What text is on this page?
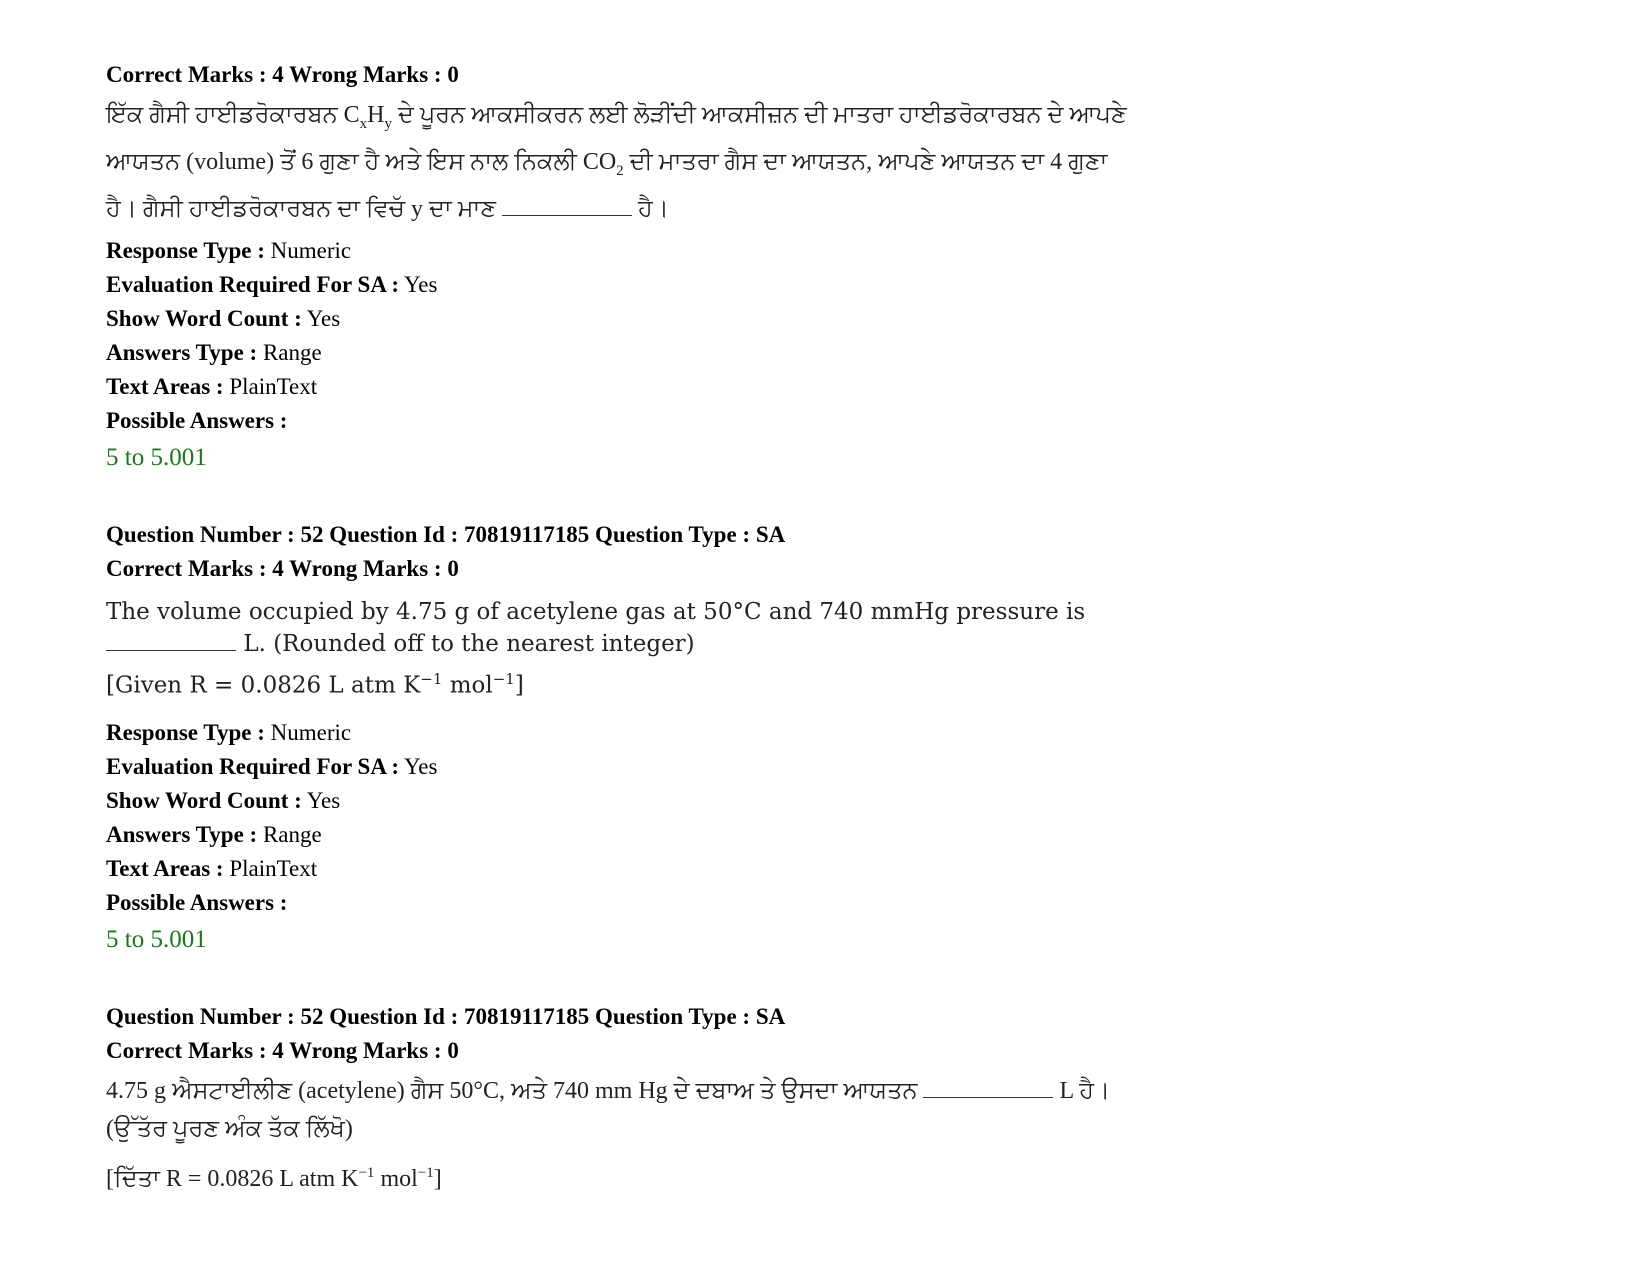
Correct Marks : 4 Wrong Marks : 0

ਇੱਕ ਗੈਸੀ ਹਾਈਡਰੋਕਾਰਬਨ $C_xH_y$ ਦੇ ਪੂਰਨ ਆਕਸੀਕਰਨ ਲਈ ਲੋੜੀਂਦੀ ਆਕਸੀਜ਼ਨ ਦੀ ਮਾਤਰਾ ਹਾਈਡਰੋਕਾਰਬਨ ਦੇ ਆਪਣੇ

ਆਯਤਨ (volume) ਤੋਂ 6 ਗੁਣਾ ਹੈ ਅਤੇ ਇਸ ਨਾਲ ਨਿਕਲੀ $CO_2$ ਦੀ ਮਾਤਰਾ ਗੈਸ ਦਾ ਆਯਤਨ, ਆਪਣੇ ਆਯਤਨ ਦਾ 4 ਗੁਣਾ

ਹੈ। ਗੈਸੀ ਹਾਈਡਰੋਕਾਰਬਨ ਦਾ ਵਿਚੱ y ਦਾ ਮਾਣ	ਹੈ।

Response Type : Numeric
Evaluation Required For SA : Yes
Show Word Count : Yes
Answers Type : Range
Text Areas : PlainText
Possible Answers :
5 to 5.001
Question Number : 52 Question Id : 70819117185 Question Type : SA
Correct Marks : 4 Wrong Marks : 0

The volume occupied by 4.75 g of acetylene gas at 50°C and 740 mmHg pressure is

L. (Rounded off to the nearest integer)

[Given R = 0.0826 L atm $K^{-1}$ mol$^{-1}$]

Response Type : Numeric
Evaluation Required For SA : Yes
Show Word Count : Yes
Answers Type : Range
Text Areas : PlainText
Possible Answers :
5 to 5.001
Question Number : 52 Question Id : 70819117185 Question Type : SA
Correct Marks : 4 Wrong Marks : 0

4.75 g ਐਸਟਾਈਲੀਣ (acetylene) ਗੈਸ 50°C, ਅਤੇ 740 mm Hg ਦੇ ਦਬਾਅ ਤੇ ਉਸਦਾ ਆਯਤਨ	L ਹੈ।

(ਉੱਤੱਰ ਪੂਰਣ ਅੰਕ ਤੱਕ ਲਿੱਖੋ)

[ਦਿੱਤਾ R = 0.0826 L atm $K^{-1}$ mol$^{-1}$]
